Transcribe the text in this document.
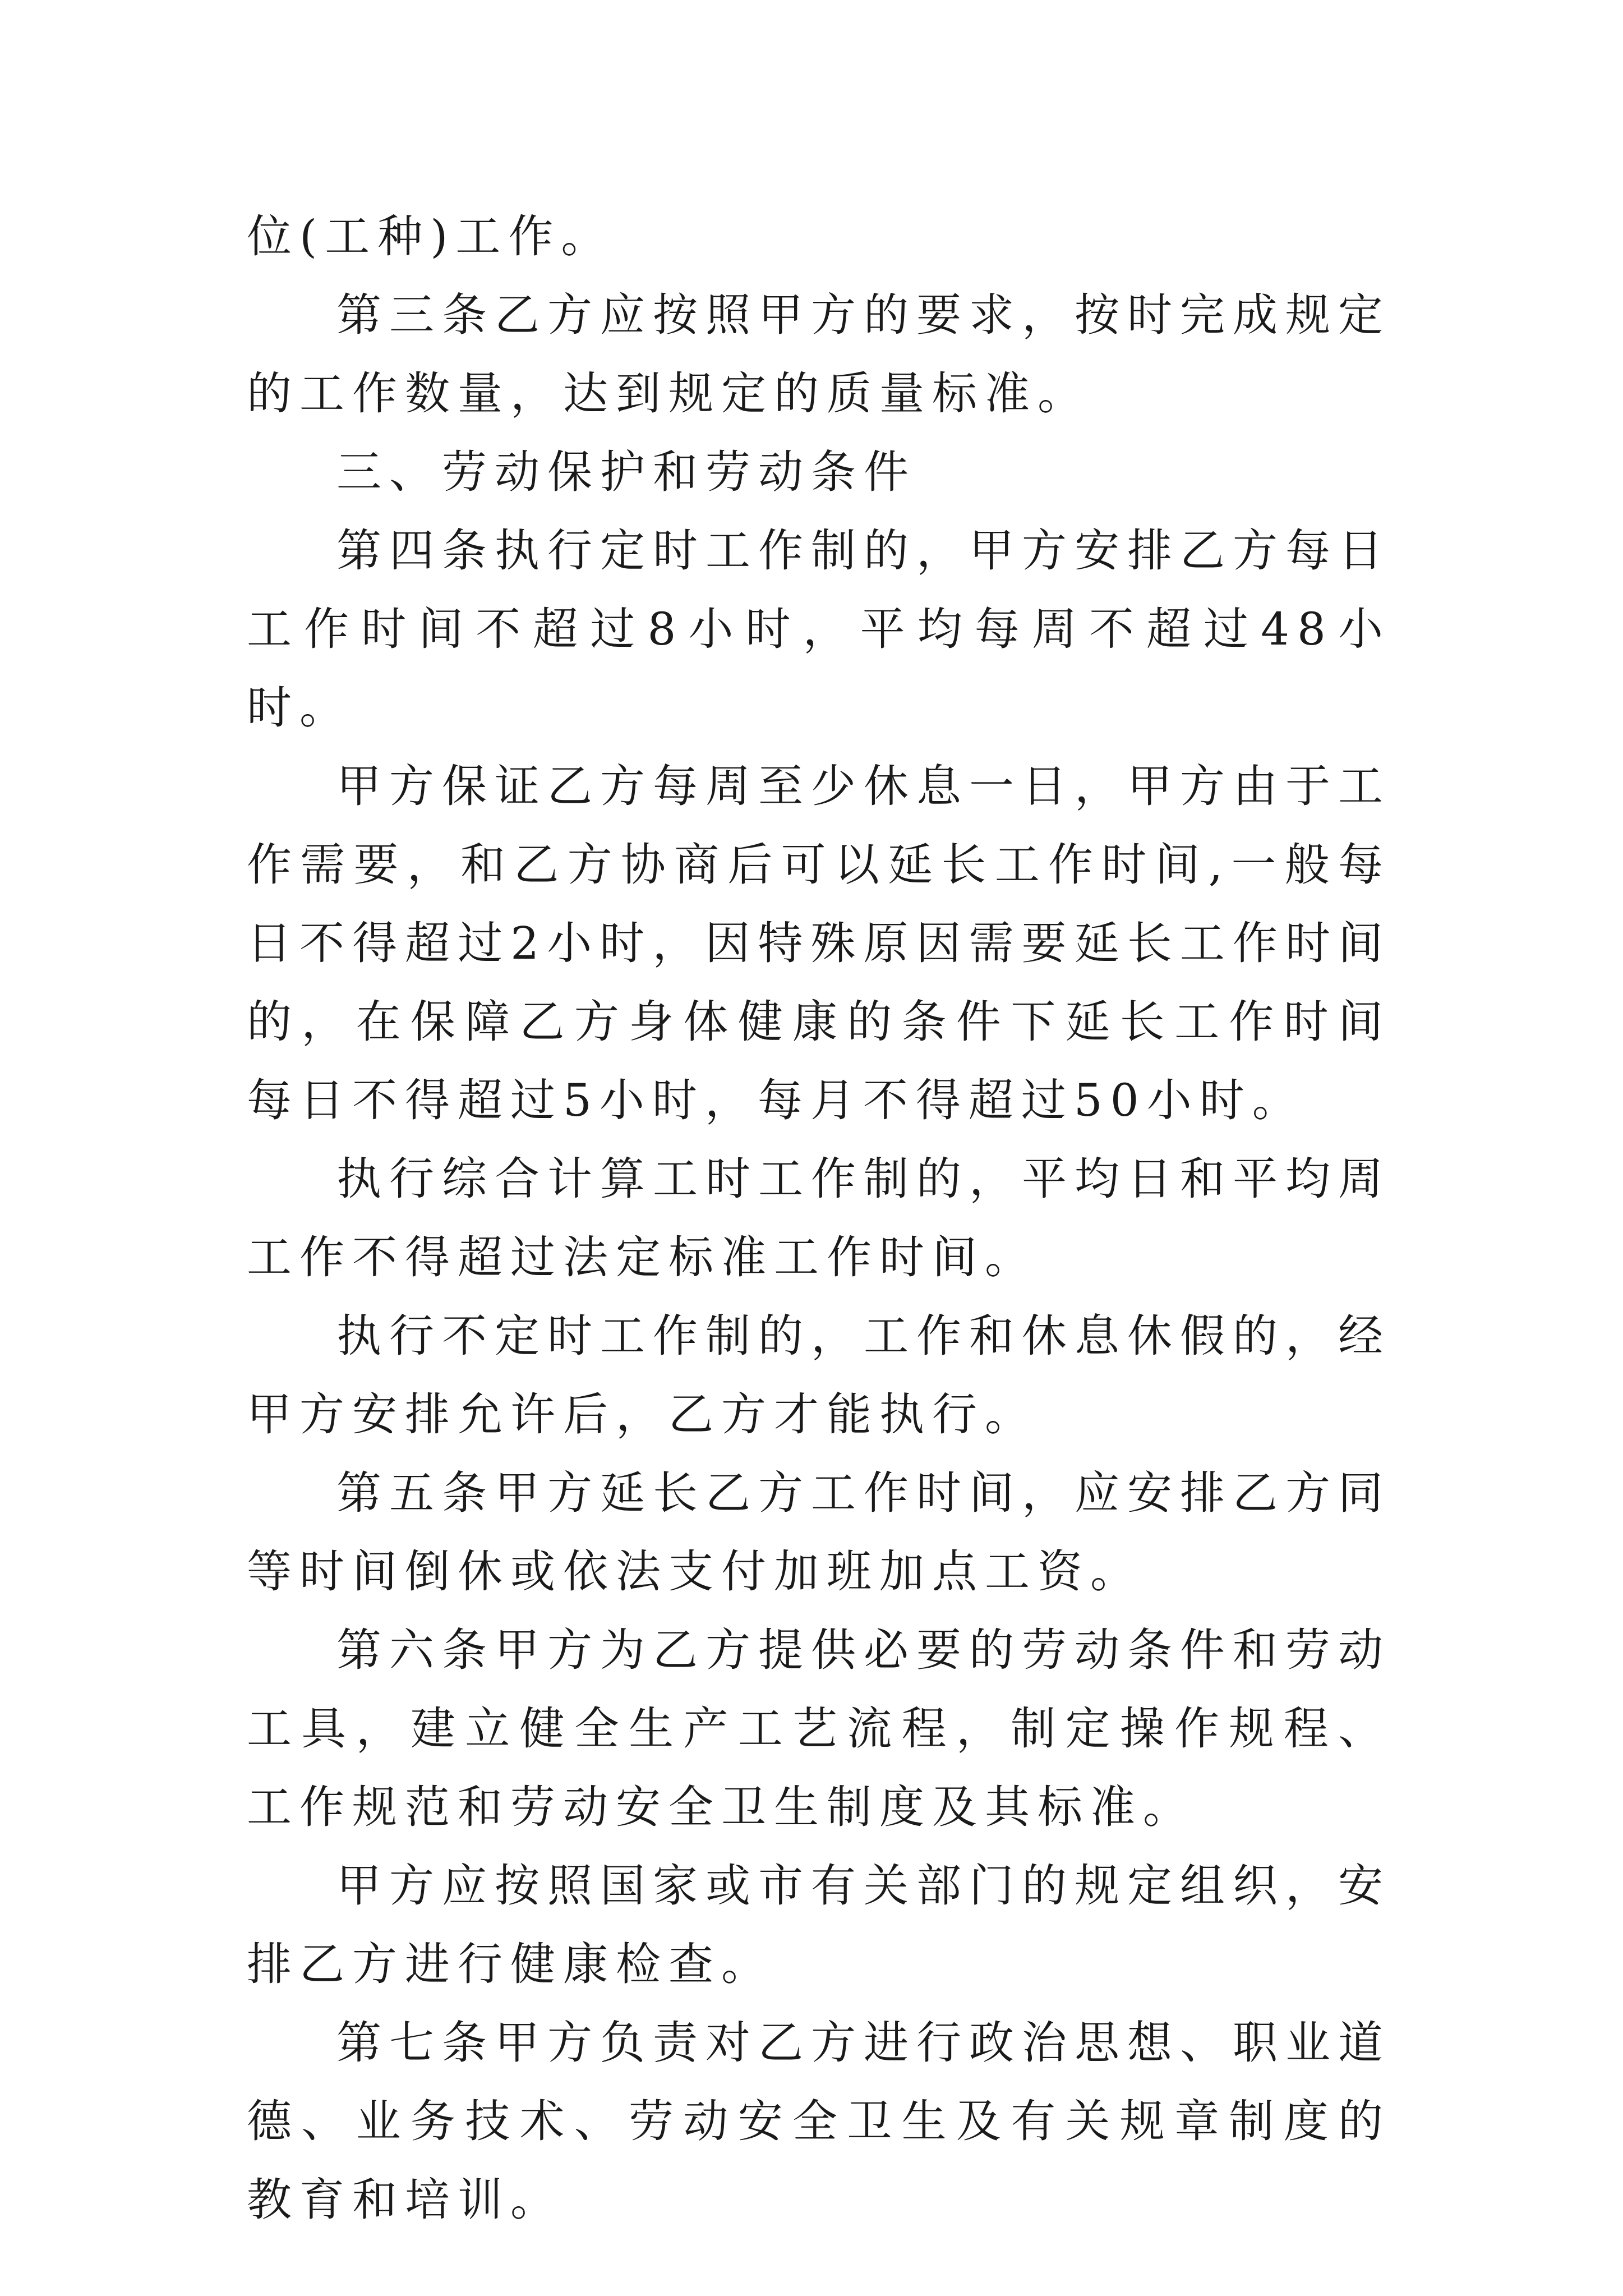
位(工种)工作。

第三条乙方应按照甲方的要求，按时完成规定的工作数量，达到规定的质量标准。

三、劳动保护和劳动条件

第四条执行定时工作制的，甲方安排乙方每日工作时间不超过8小时，平均每周不超过48小时。

甲方保证乙方每周至少休息一日，甲方由于工作需要，和乙方协商后可以延长工作时间,一般每日不得超过2小时，因特殊原因需要延长工作时间的，在保障乙方身体健康的条件下延长工作时间每日不得超过5小时，每月不得超过50小时。

执行综合计算工时工作制的，平均日和平均周工作不得超过法定标准工作时间。

执行不定时工作制的，工作和休息休假的，经甲方安排允许后，乙方才能执行。

第五条甲方延长乙方工作时间，应安排乙方同等时间倒休或依法支付加班加点工资。

第六条甲方为乙方提供必要的劳动条件和劳动工具，建立健全生产工艺流程，制定操作规程、工作规范和劳动安全卫生制度及其标准。

甲方应按照国家或市有关部门的规定组织，安排乙方进行健康检查。

第七条甲方负责对乙方进行政治思想、职业道德、业务技术、劳动安全卫生及有关规章制度的教育和培训。
